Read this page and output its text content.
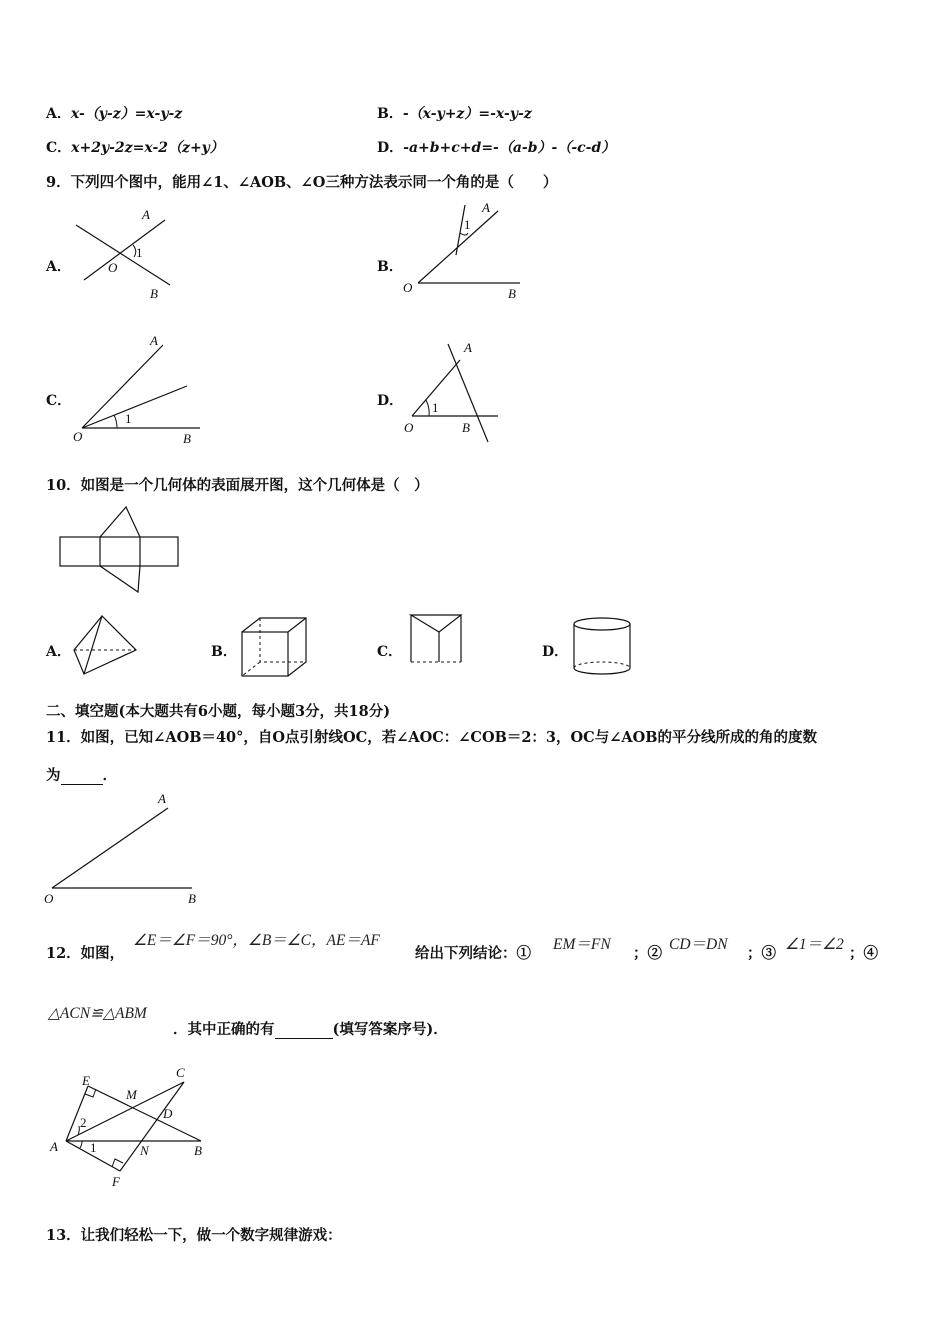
A．x-（y-z）=x-y-z	B．-（x-y+z）=-x-y-z
C．x+2y-2z=x-2（z+y）	D．-a+b+c+d=-（a-b）-（-c-d）
9．下列四个图中，能用∠1、∠AOB、∠O三种方法表示同一个角的是（　　）
A．
A
O
1
B
B．
A
1
O	B
C．
A
1
O	B
D．
A
1
O	B
10．如图是一个几何体的表面展开图，这个几何体是（　）
A．	B．	C．	D．
二、填空题(本大题共有6小题，每小题3分，共18分)
11．如图，已知∠AOB＝40°，自O点引射线OC，若∠AOC：∠COB＝2：3，OC与∠AOB的平分线所成的角的度数
为	．
A
O	B
12．如图，
∠E＝∠F＝90°，∠B＝∠C，AE＝AF
给出下列结论：①
EM＝FN
；②
CD＝DN
；③
∠1＝∠2
；④
△ACN≌△ABM
．其中正确的有	(填写答案序号)．
E
C
M
D
2
A 1	N	B
F
13．让我们轻松一下，做一个数字规律游戏：
